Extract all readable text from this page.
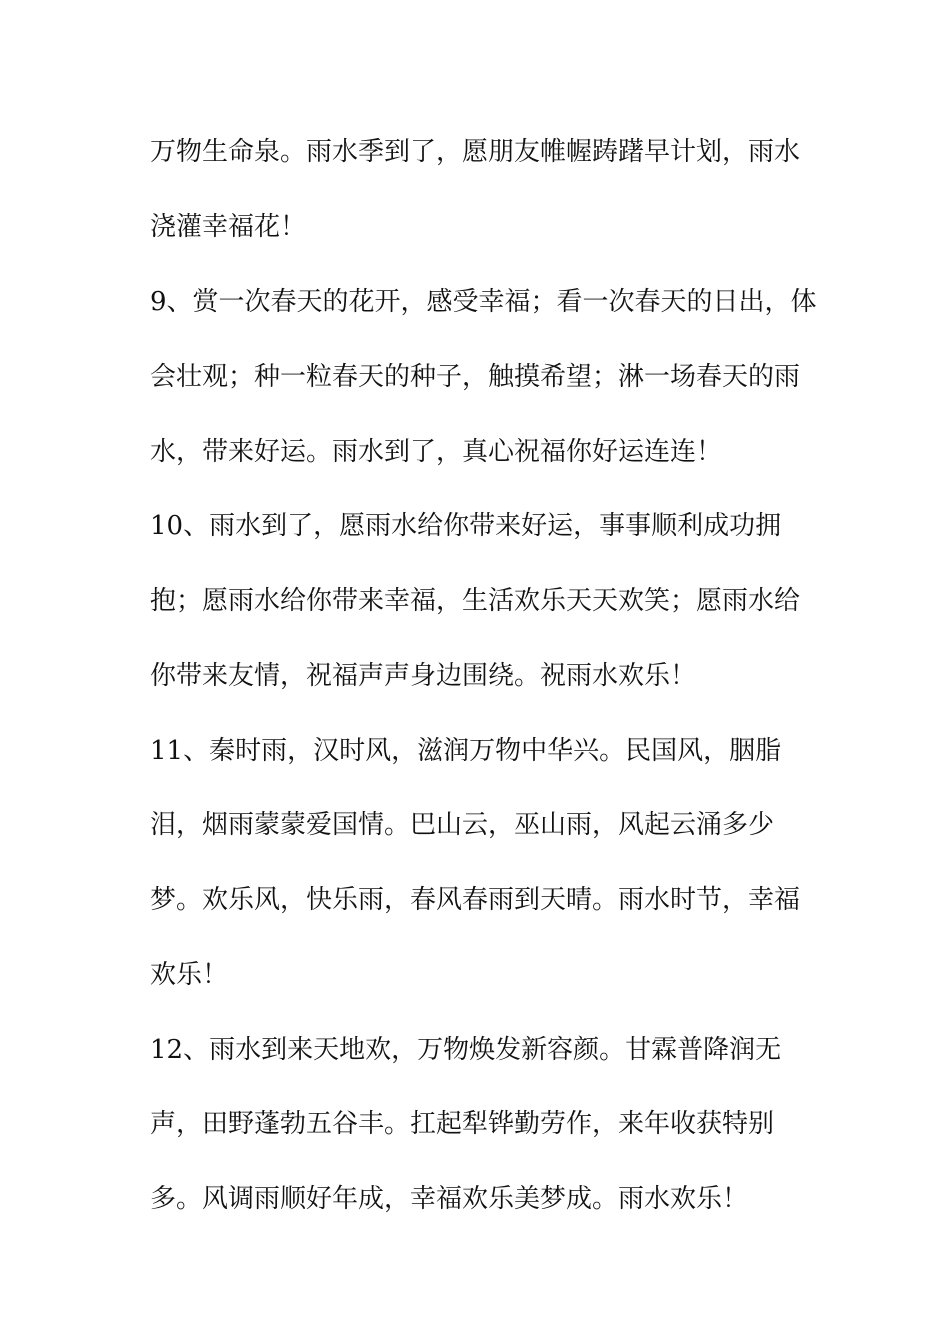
万物生命泉。雨水季到了，愿朋友帷幄踌躇早计划，雨水
浇灌幸福花！
9、赏一次春天的花开，感受幸福；看一次春天的日出，体
会壮观；种一粒春天的种子，触摸希望；淋一场春天的雨
水，带来好运。雨水到了，真心祝福你好运连连！
10、雨水到了，愿雨水给你带来好运，事事顺利成功拥
抱；愿雨水给你带来幸福，生活欢乐天天欢笑；愿雨水给
你带来友情，祝福声声身边围绕。祝雨水欢乐！
11、秦时雨，汉时风，滋润万物中华兴。民国风，胭脂
泪，烟雨蒙蒙爱国情。巴山云，巫山雨，风起云涌多少
梦。欢乐风，快乐雨，春风春雨到天晴。雨水时节，幸福
欢乐！
12、雨水到来天地欢，万物焕发新容颜。甘霖普降润无
声，田野蓬勃五谷丰。扛起犁铧勤劳作，来年收获特别
多。风调雨顺好年成，幸福欢乐美梦成。雨水欢乐！
